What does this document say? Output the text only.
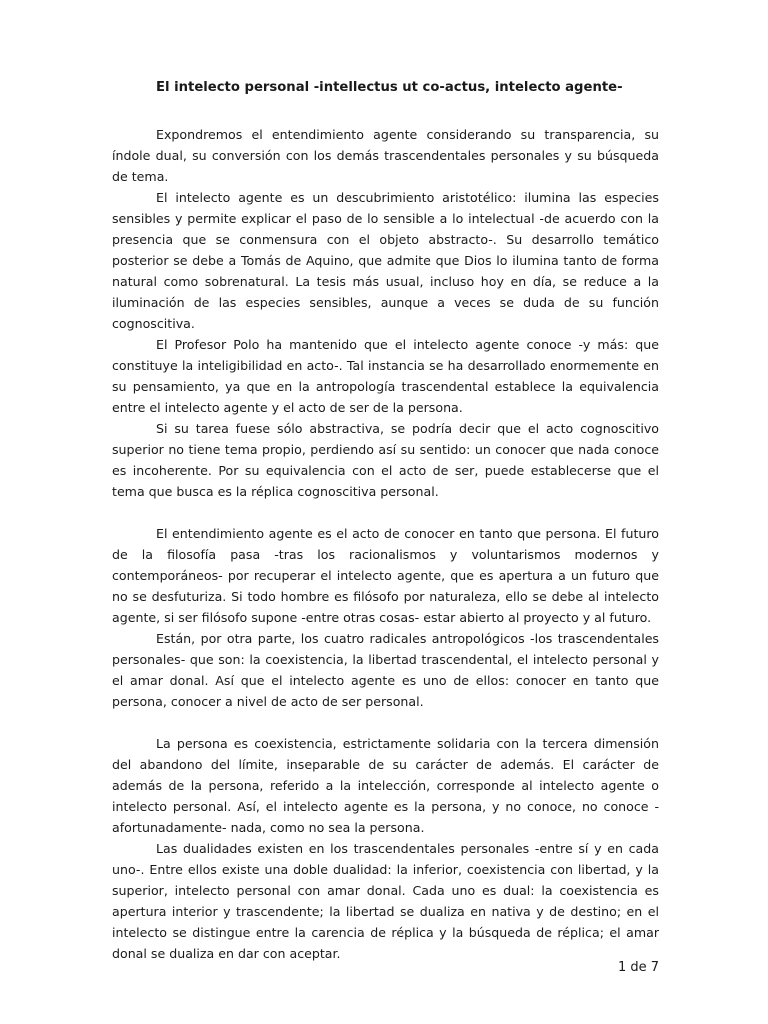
El intelecto personal -intellectus ut co-actus, intelecto agente-

Expondremos el entendimiento agente considerando su transparencia, su índole dual, su conversión con los demás trascendentales personales y su búsqueda de tema.

El intelecto agente es un descubrimiento aristotélico: ilumina las especies sensibles y permite explicar el paso de lo sensible a lo intelectual -de acuerdo con la presencia que se conmensura con el objeto abstracto-. Su desarrollo temático posterior se debe a Tomás de Aquino, que admite que Dios lo ilumina tanto de forma natural como sobrenatural. La tesis más usual, incluso hoy en día, se reduce a la iluminación de las especies sensibles, aunque a veces se duda de su función cognoscitiva.

El Profesor Polo ha mantenido que el intelecto agente conoce -y más: que constituye la inteligibilidad en acto-. Tal instancia se ha desarrollado enormemente en su pensamiento, ya que en la antropología trascendental establece la equivalencia entre el intelecto agente y el acto de ser de la persona.

Si su tarea fuese sólo abstractiva, se podría decir que el acto cognoscitivo superior no tiene tema propio, perdiendo así su sentido: un conocer que nada conoce es incoherente. Por su equivalencia con el acto de ser, puede establecerse que el tema que busca es la réplica cognoscitiva personal.

El entendimiento agente es el acto de conocer en tanto que persona. El futuro de la filosofía pasa -tras los racionalismos y voluntarismos modernos y contemporáneos- por recuperar el intelecto agente, que es apertura a un futuro que no se desfuturiza. Si todo hombre es filósofo por naturaleza, ello se debe al intelecto agente, si ser filósofo supone -entre otras cosas- estar abierto al proyecto y al futuro.

Están, por otra parte, los cuatro radicales antropológicos -los trascendentales personales- que son: la coexistencia, la libertad trascendental, el intelecto personal y el amar donal. Así que el intelecto agente es uno de ellos: conocer en tanto que persona, conocer a nivel de acto de ser personal.

La persona es coexistencia, estrictamente solidaria con la tercera dimensión del abandono del límite, inseparable de su carácter de además. El carácter de además de la persona, referido a la intelección, corresponde al intelecto agente o intelecto personal. Así, el intelecto agente es la persona, y no conoce, no conoce -afortunadamente- nada, como no sea la persona.

Las dualidades existen en los trascendentales personales -entre sí y en cada uno-. Entre ellos existe una doble dualidad: la inferior, coexistencia con libertad, y la superior, intelecto personal con amar donal. Cada uno es dual: la coexistencia es apertura interior y trascendente; la libertad se dualiza en nativa y de destino; en el intelecto se distingue entre la carencia de réplica y la búsqueda de réplica; el amar donal se dualiza en dar con aceptar.

1 de 7
